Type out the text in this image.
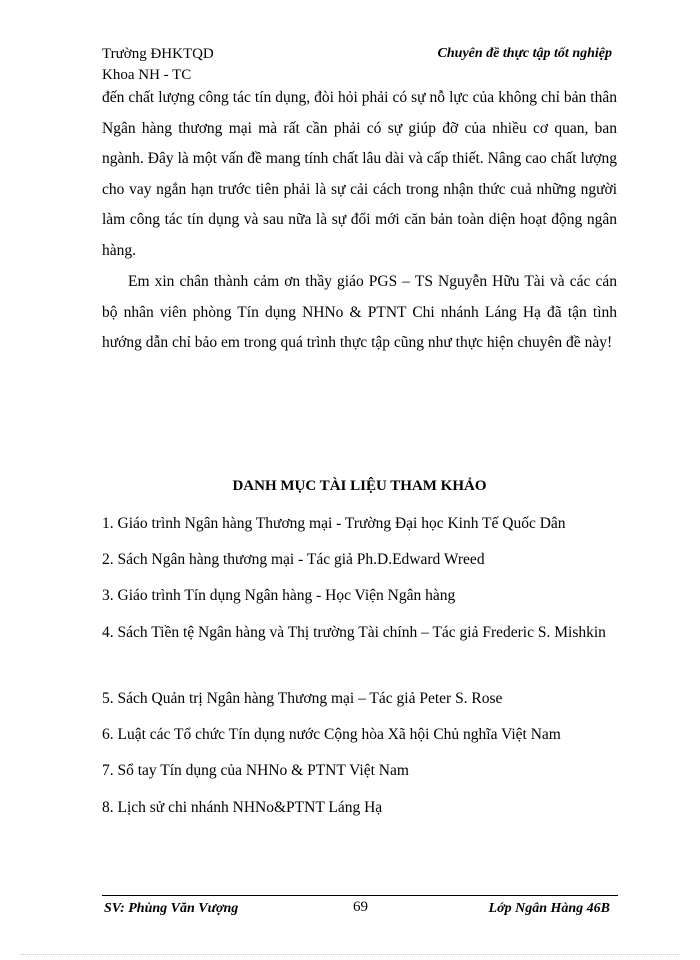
Trường ĐHKTQD
Khoa NH - TC
Chuyên đề thực tập tốt nghiệp

đến chất lượng công tác tín dụng, đòi hỏi phải có sự nỗ lực của không chỉ bản thân Ngân hàng thương mại mà rất cần phải có sự giúp đỡ của nhiều cơ quan, ban ngành. Đây là một vấn đề mang tính chất lâu dài và cấp thiết. Nâng cao chất lượng cho vay ngắn hạn trước tiên phải là sự cải cách trong nhận thức cuả những người làm công tác tín dụng và sau nữa là sự đổi mới căn bản toàn diện hoạt động ngân hàng.

Em xin chân thành cảm ơn thầy giáo PGS – TS Nguyễn Hữu Tài và các cán bộ nhân viên phòng Tín dụng NHNo & PTNT Chi nhánh Láng Hạ đã tận tình hướng dẫn chỉ bảo em trong quá trình thực tập cũng như thực hiện chuyên đề này!

DANH MỤC TÀI LIỆU THAM KHẢO
1. Giáo trình Ngân hàng Thương mại - Trường Đại học Kinh Tế Quốc Dân
2. Sách Ngân hàng thương mại - Tác giả Ph.D.Edward Wreed
3. Giáo trình Tín dụng Ngân hàng - Học Viện Ngân hàng
4. Sách Tiền tệ Ngân hàng và Thị trường Tài chính – Tác giả Frederic S. Mishkin
5. Sách Quản trị Ngân hàng Thương mại – Tác giả Peter S. Rose
6. Luật các Tổ chức Tín dụng nước Cộng hòa Xã hội Chủ nghĩa Việt Nam
7. Sổ tay Tín dụng của NHNo & PTNT Việt Nam
8. Lịch sử chi nhánh NHNo&PTNT Láng Hạ
SV: Phùng Văn Vượng	69	Lớp Ngân Hàng 46B
